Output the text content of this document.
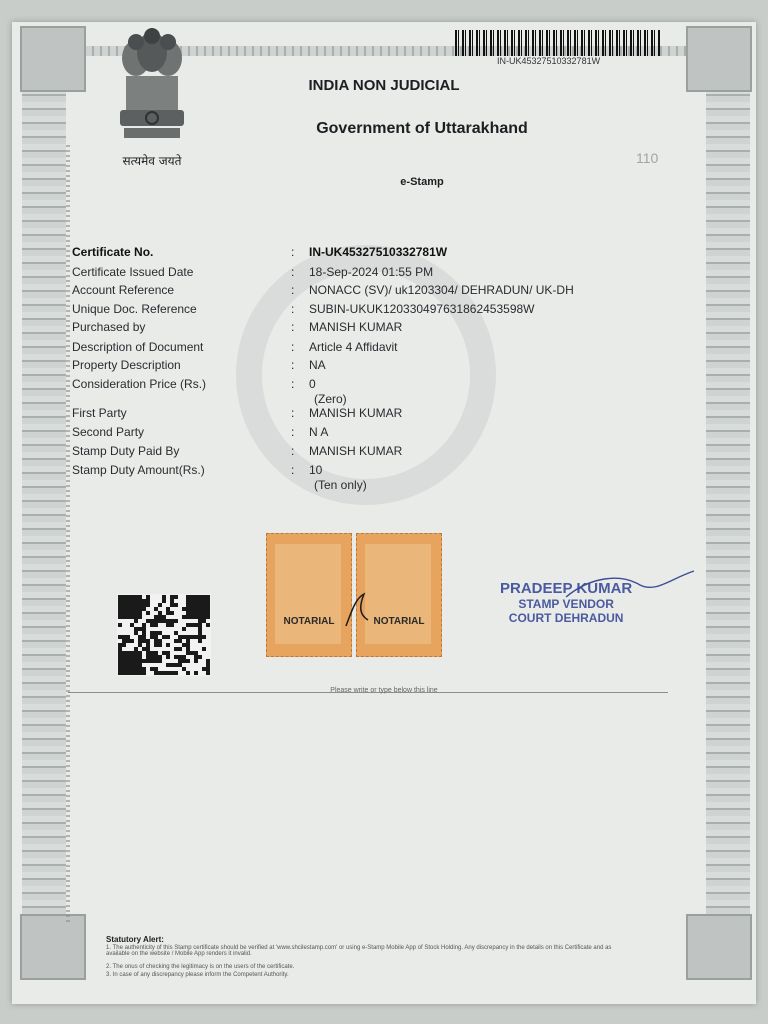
सत्यमेव जयते
IN-UK45327510332781W
INDIA NON JUDICIAL
Government of Uttarakhand
110
e-Stamp
Certificate No.	: IN-UK45327510332781W
Certificate Issued Date	: 18-Sep-2024 01:55 PM
Account Reference	: NONACC (SV)/ uk1203304/ DEHRADUN/ UK-DH
Unique Doc. Reference	: SUBIN-UKUK120330497631862453598W
Purchased by	: MANISH KUMAR
Description of Document	: Article 4 Affidavit
Property Description	: NA
Consideration Price (Rs.)	: 0
(Zero)
First Party	: MANISH KUMAR
Second Party	: N A
Stamp Duty Paid By	: MANISH KUMAR
Stamp Duty Amount(Rs.)	: 10
(Ten only)
NOTARIAL	NOTARIAL
PRADEEP KUMAR
STAMP VENDOR
COURT DEHRADUN
Please write or type below this line
Statutory Alert:
1. The authenticity of this Stamp certificate should be verified at 'www.shcilestamp.com' or using e-Stamp Mobile App of Stock Holding. Any discrepancy in the details on this Certificate and as available on the website / Mobile App renders it invalid.
2. The onus of checking the legitimacy is on the users of the certificate.
3. In case of any discrepancy please inform the Competent Authority.
